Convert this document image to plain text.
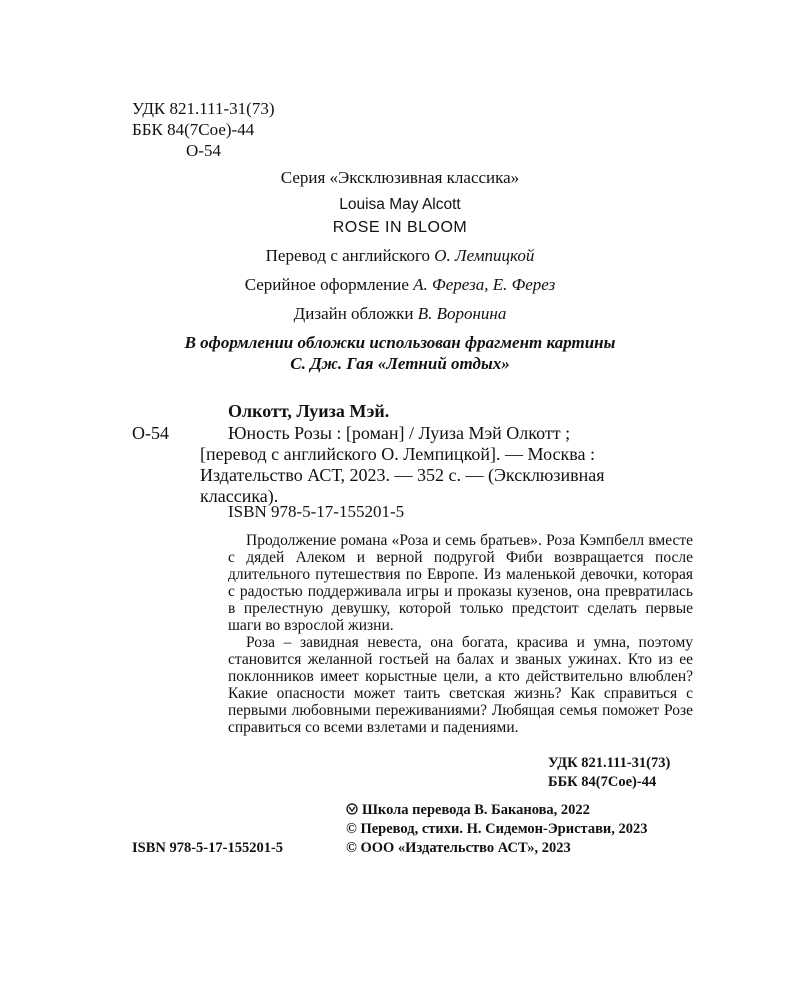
УДК 821.111-31(73)
ББК 84(7Сое)-44
О-54
Серия «Эксклюзивная классика»
Louisa May Alcott
ROSE IN BLOOM
Перевод с английского О. Лемпицкой
Серийное оформление А. Фереза, Е. Ферез
Дизайн обложки В. Воронина
В оформлении обложки использован фрагмент картины
С. Дж. Гая «Летний отдых»
Олкотт, Луиза Мэй.
О-54	Юность Розы : [роман] / Луиза Мэй Олкотт ;
[перевод с английского О. Лемпицкой]. — Москва :
Издательство АСТ, 2023. — 352 с. — (Эксклюзивная
классика).
ISBN 978-5-17-155201-5

Продолжение романа «Роза и семь братьев». Роза Кэмпбелл вместе с дядей Алеком и верной подругой Фиби возвращается после длительного путешествия по Европе. Из маленькой девочки, которая с радостью поддерживала игры и проказы кузенов, она превратилась в прелестную девушку, которой только предстоит сделать первые шаги во взрослой жизни.

Роза – завидная невеста, она богата, красива и умна, поэтому становится желанной гостьей на балах и званых ужинах. Кто из ее поклонников имеет корыстные цели, а кто действительно влюблен? Какие опасности может таить светская жизнь? Как справиться с первыми любовными переживаниями? Любящая семья поможет Розе справиться со всеми взлетами и падениями.

УДК 821.111-31(73)
ББК 84(7Сое)-44
Школа перевода В. Баканова, 2022
© Перевод, стихи. Н. Сидемон-Эристави, 2023
ISBN 978-5-17-155201-5	© ООО «Издательство АСТ», 2023
